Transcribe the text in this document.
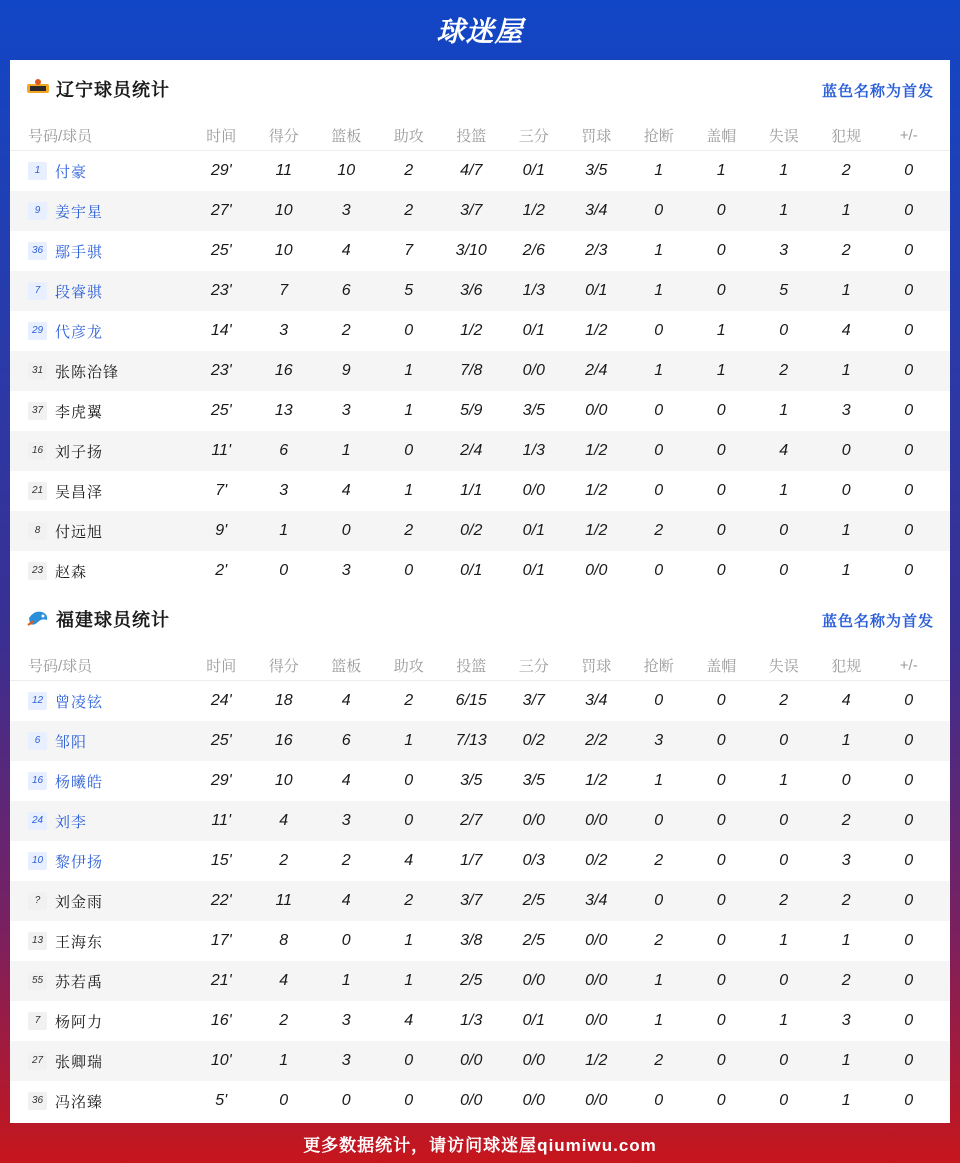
球迷屋
辽宁球员统计	蓝色名称为首发
号码/球员	时间	得分	篮板	助攻	投篮	三分	罚球	抢断	盖帽	失误	犯规	+/-
1 付豪	29'	11	10	2	4/7	0/1	3/5	1	1	1	2	0
9 姜宇星	27'	10	3	2	3/7	1/2	3/4	0	0	1	1	0
36 鄢手骐	25'	10	4	7	3/10	2/6	2/3	1	0	3	2	0
7 段睿骐	23'	7	6	5	3/6	1/3	0/1	1	0	5	1	0
29 代彦龙	14'	3	2	0	1/2	0/1	1/2	0	1	0	4	0
31 张陈治锋	23'	16	9	1	7/8	0/0	2/4	1	1	2	1	0
37 李虎翼	25'	13	3	1	5/9	3/5	0/0	0	0	1	3	0
16 刘子扬	11'	6	1	0	2/4	1/3	1/2	0	0	4	0	0
21 吴昌泽	7'	3	4	1	1/1	0/0	1/2	0	0	1	0	0
8 付远旭	9'	1	0	2	0/2	0/1	1/2	2	0	0	1	0
23 赵森	2'	0	3	0	0/1	0/1	0/0	0	0	0	1	0
福建球员统计	蓝色名称为首发
号码/球员	时间	得分	篮板	助攻	投篮	三分	罚球	抢断	盖帽	失误	犯规	+/-
12 曾凌铉	24'	18	4	2	6/15	3/7	3/4	0	0	2	4	0
6 邹阳	25'	16	6	1	7/13	0/2	2/2	3	0	0	1	0
16 杨曦皓	29'	10	4	0	3/5	3/5	1/2	1	0	1	0	0
24 刘李	11'	4	3	0	2/7	0/0	0/0	0	0	0	2	0
10 黎伊扬	15'	2	2	4	1/7	0/3	0/2	2	0	0	3	0
? 刘金雨	22'	11	4	2	3/7	2/5	3/4	0	0	2	2	0
13 王海东	17'	8	0	1	3/8	2/5	0/0	2	0	1	1	0
55 苏若禹	21'	4	1	1	2/5	0/0	0/0	1	0	0	2	0
7 杨阿力	16'	2	3	4	1/3	0/1	0/0	1	0	1	3	0
27 张卿瑞	10'	1	3	0	0/0	0/0	1/2	2	0	0	1	0
36 冯洺臻	5'	0	0	0	0/0	0/0	0/0	0	0	0	1	0
更多数据统计，请访问球迷屋qiumiwu.com
